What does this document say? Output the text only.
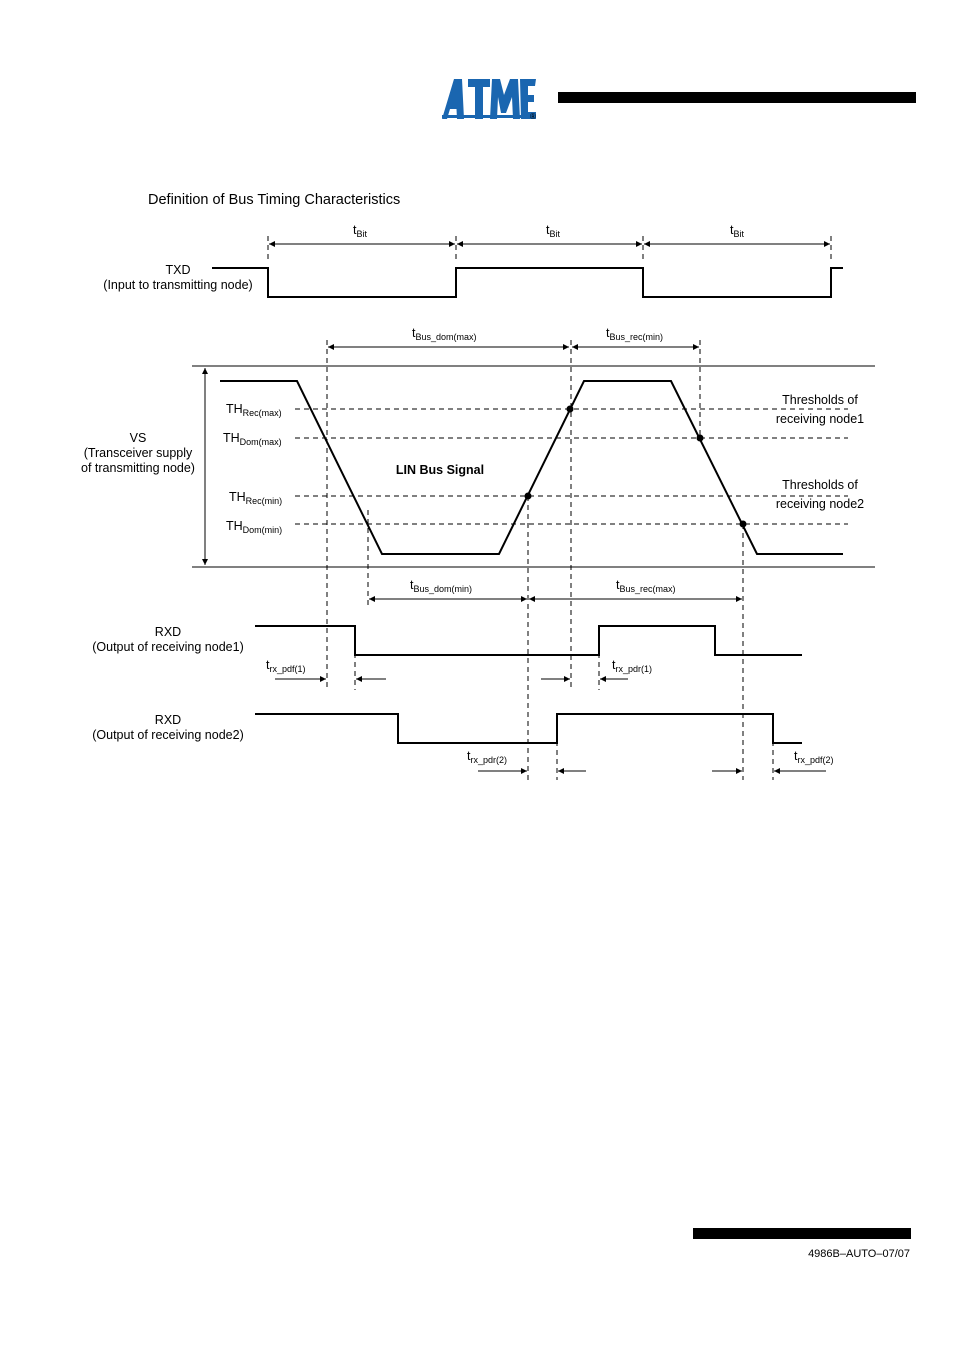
®
Definition of Bus Timing Characteristics
$t_{Bit}$	$t_{Bit}$	$t_{Bit}$
TXD
(Input to transmitting node)
$t_{Bus\_dom(max)}$	$t_{Bus\_rec(min)}$
VS
(Transceiver supply
of transmitting node)
$TH_{Rec(max)}$
$TH_{Dom(max)}$
$TH_{Rec(min)}$
$TH_{Dom(min)}$
Thresholds of
receiving node1
Thresholds of
receiving node2
LIN Bus Signal
$t_{Bus\_dom(min)}$	$t_{Bus\_rec(max)}$
RXD
(Output of receiving node1)
$t_{rx\_pdf(1)}$	$t_{rx\_pdr(1)}$
RXD
(Output of receiving node2)
$t_{rx\_pdr(2)}$	$t_{rx\_pdf(2)}$
4986B–AUTO–07/07
